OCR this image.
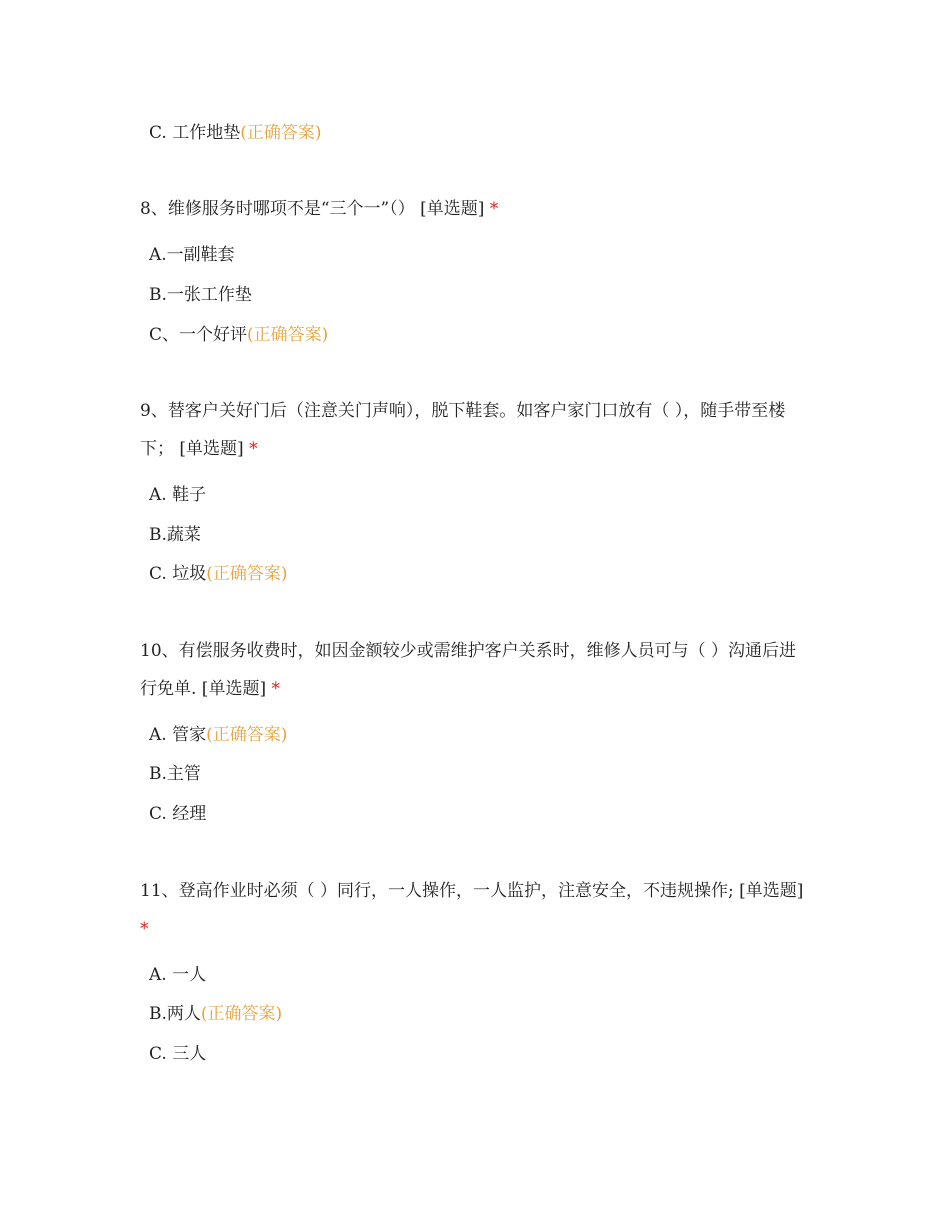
C. 工作地垫(正确答案)
8、维修服务时哪项不是“三个一”（） [单选题] *
A.一副鞋套
B.一张工作垫
C、一个好评(正确答案)
9、替客户关好门后（注意关门声响），脱下鞋套。如客户家门口放有（ ），随手带至楼下； [单选题] *
A. 鞋子
B.蔬菜
C. 垃圾(正确答案)
10、有偿服务收费时，如因金额较少或需维护客户关系时，维修人员可与（ ）沟通后进行免单. [单选题] *
A. 管家(正确答案)
B.主管
C. 经理
11、登高作业时必须（ ）同行，一人操作，一人监护，注意安全，不违规操作; [单选题] *
A. 一人
B.两人(正确答案)
C. 三人
